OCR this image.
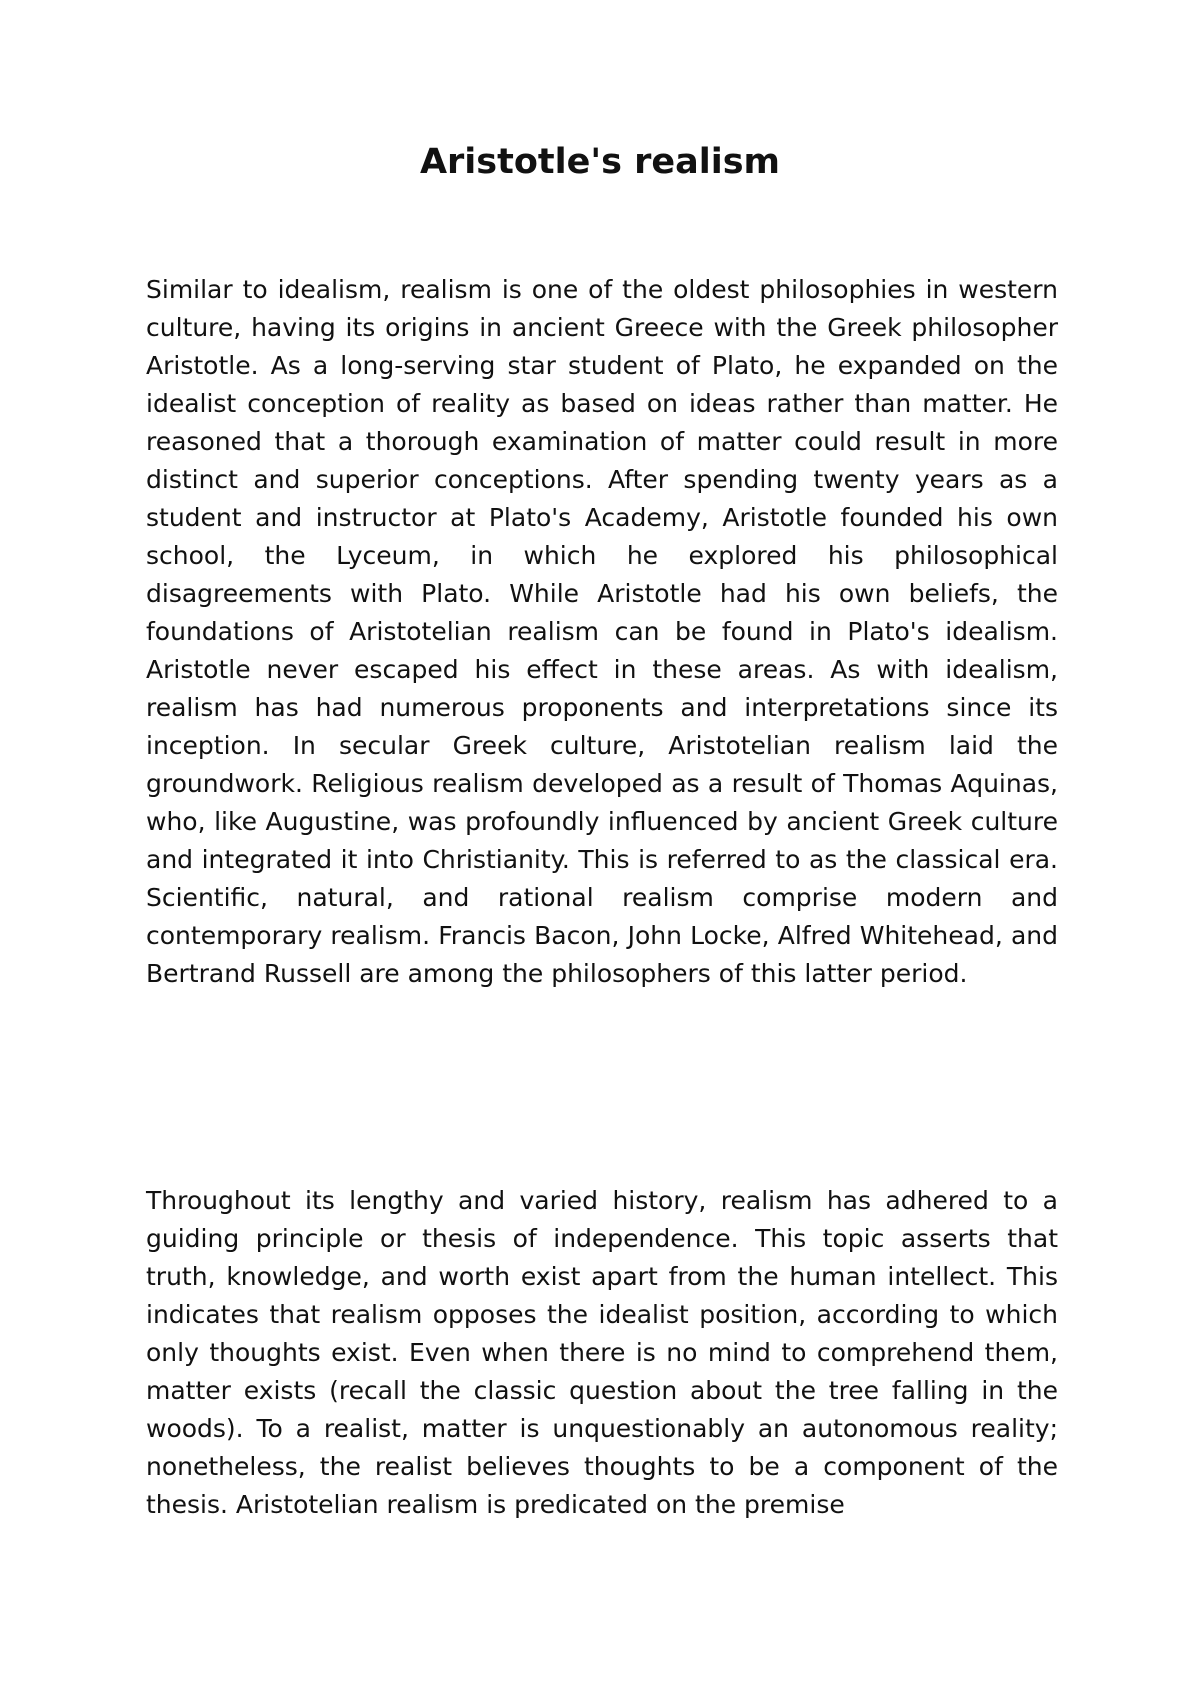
Aristotle's realism

Similar to idealism, realism is one of the oldest philosophies in western culture, having its origins in ancient Greece with the Greek philosopher Aristotle. As a long-serving star student of Plato, he expanded on the idealist conception of reality as based on ideas rather than matter. He reasoned that a thorough examination of matter could result in more distinct and superior conceptions. After spending twenty years as a student and instructor at Plato's Academy, Aristotle founded his own school, the Lyceum, in which he explored his philosophical disagreements with Plato. While Aristotle had his own beliefs, the foundations of Aristotelian realism can be found in Plato's idealism. Aristotle never escaped his effect in these areas. As with idealism, realism has had numerous proponents and interpretations since its inception. In secular Greek culture, Aristotelian realism laid the groundwork. Religious realism developed as a result of Thomas Aquinas, who, like Augustine, was profoundly influenced by ancient Greek culture and integrated it into Christianity. This is referred to as the classical era. Scientific, natural, and rational realism comprise modern and contemporary realism. Francis Bacon, John Locke, Alfred Whitehead, and Bertrand Russell are among the philosophers of this latter period.

Throughout its lengthy and varied history, realism has adhered to a guiding principle or thesis of independence. This topic asserts that truth, knowledge, and worth exist apart from the human intellect. This indicates that realism opposes the idealist position, according to which only thoughts exist. Even when there is no mind to comprehend them, matter exists (recall the classic question about the tree falling in the woods). To a realist, matter is unquestionably an autonomous reality; nonetheless, the realist believes thoughts to be a component of the thesis. Aristotelian realism is predicated on the premise
